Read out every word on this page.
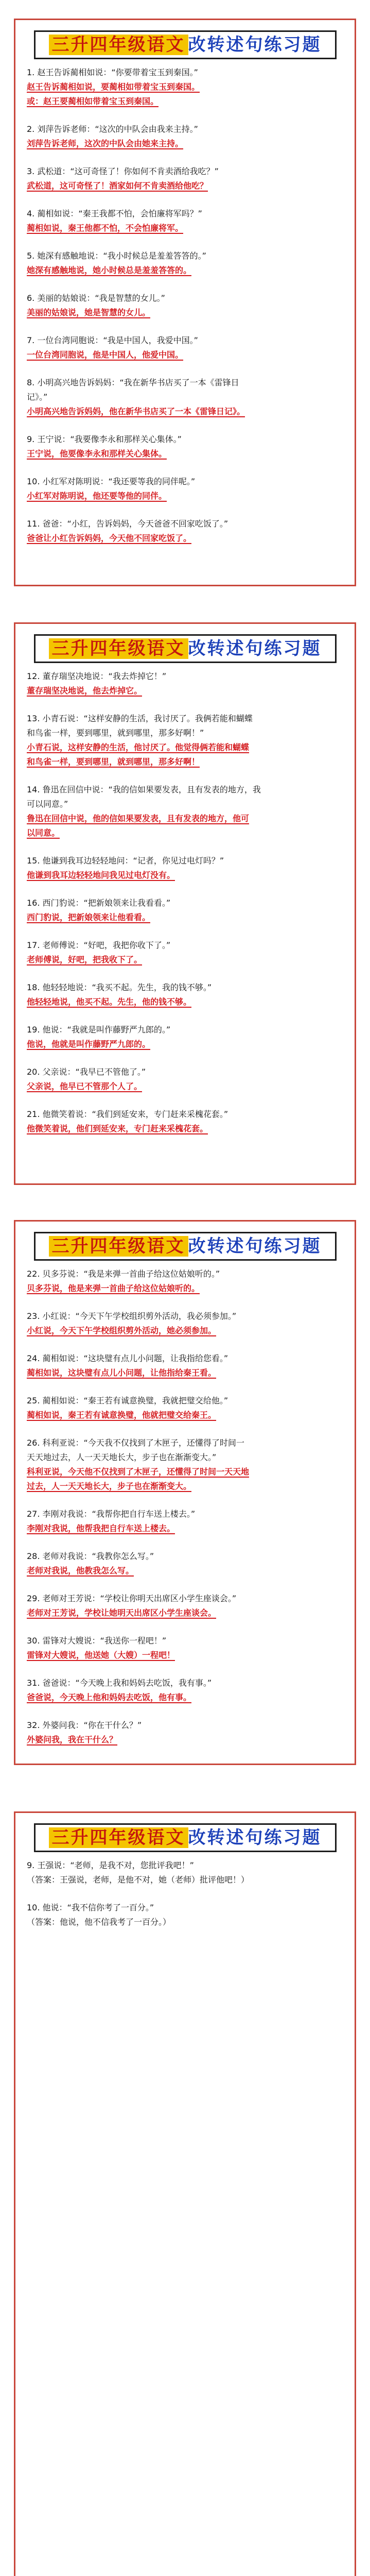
三升四年级语文 改转述句练习题
1. 赵王告诉蔺相如说：“你要带着宝玉到秦国。”
赵王告诉蔺相如说，要蔺相如带着宝玉到秦国。
或：赵王要蔺相如带着宝玉到秦国。
2. 刘萍告诉老师：“这次的中队会由我来主持。”
刘萍告诉老师，这次的中队会由她来主持。
3. 武松道：“这可奇怪了！你如何不肯卖酒给我吃？”
武松道，这可奇怪了！酒家如何不肯卖酒给他吃？
4. 蔺相如说：“秦王我都不怕，会怕廉将军吗？”
蔺相如说，秦王他都不怕，不会怕廉将军。
5. 她深有感触地说：“我小时候总是羞羞答答的。”
她深有感触地说，她小时候总是羞羞答答的。
6. 美丽的姑娘说：“我是智慧的女儿。”
美丽的姑娘说，她是智慧的女儿。
7. 一位台湾同胞说：“我是中国人，我爱中国。”
一位台湾同胞说，他是中国人，他爱中国。
8. 小明高兴地告诉妈妈：“我在新华书店买了一本《雷锋日
记》。”
小明高兴地告诉妈妈，他在新华书店买了一本《雷锋日记》。
9. 王宁说：“我要像李永和那样关心集体。”
王宁说，他要像李永和那样关心集体。
10. 小红军对陈明说：“我还要等我的同伴呢。”
小红军对陈明说，他还要等他的同伴。
11. 爸爸：“小红，告诉妈妈，今天爸爸不回家吃饭了。”
爸爸让小红告诉妈妈，今天他不回家吃饭了。
三升四年级语文 改转述句练习题
12. 董存瑞坚决地说：“我去炸掉它！”
董存瑞坚决地说，他去炸掉它。
13. 小青石说：“这样安静的生活，我讨厌了。我俩若能和蝴蝶
和鸟雀一样，要到哪里，就到哪里，那多好啊！”
小青石说，这样安静的生活，他讨厌了。他觉得俩若能和蝴蝶
和鸟雀一样，要到哪里，就到哪里，那多好啊！
14. 鲁迅在回信中说：“我的信如果要发表，且有发表的地方，我
可以同意。”
鲁迅在回信中说，他的信如果要发表，且有发表的地方，他可
以同意。
15. 他谦到我耳边轻轻地问：“记者，你见过电灯吗？”
他谦到我耳边轻轻地问我见过电灯没有。
16. 西门豹说：“把新娘领来让我看看。”
西门豹说，把新娘领来让他看看。
17. 老师傅说：“好吧，我把你收下了。”
老师傅说，好吧，把我收下了。
18. 他轻轻地说：“我买不起。先生，我的钱不够。”
他轻轻地说，他买不起。先生，他的钱不够。
19. 他说：“我就是叫作藤野严九郎的。”
他说，他就是叫作藤野严九郎的。
20. 父亲说：“我早已不管他了。”
父亲说，他早已不管那个人了。
21. 他微笑着说：“我们到延安来，专门赶来采槐花套。”
他微笑着说，他们到延安来，专门赶来采槐花套。
三升四年级语文 改转述句练习题
22. 贝多芬说：“我是来弹一首曲子给这位姑娘听的。”
贝多芬说，他是来弹一首曲子给这位姑娘听的。
23. 小红说：“今天下午学校组织剪外活动，我必须参加。”
小红说，今天下午学校组织剪外活动，她必须参加。
24. 蔺相如说：“这块璧有点儿小问题，让我指给您看。”
蔺相如说，这块璧有点儿小问题，让他指给秦王看。
25. 蔺相如说：“秦王若有诚意换璧，我就把璧交给他。”
蔺相如说，秦王若有诚意换璧，他就把璧交给秦王。
26. 科利亚说：“今天我不仅找到了木匣子，还懂得了时间一
天天地过去，人一天天地长大，步子也在渐渐变大。”
科利亚说，今天他不仅找到了木匣子，还懂得了时间一天天地
过去，人一天天地长大，步子也在渐渐变大。
27. 李刚对我说：“我帮你把自行车送上楼去。”
李刚对我说，他帮我把自行车送上楼去。
28. 老师对我说：“我教你怎么写。”
老师对我说，他教我怎么写。
29. 老师对王芳说：“学校让你明天出席区小学生座谈会。”
老师对王芳说，学校让她明天出席区小学生座谈会。
30. 雷锋对大嫂说：“我送你一程吧！”
雷锋对大嫂说，他送她（大嫂）一程吧！
31. 爸爸说：“今天晚上我和妈妈去吃饭，我有事。”
爸爸说，今天晚上他和妈妈去吃饭，他有事。
32. 外婆问我：“你在干什么？”
外婆问我，我在干什么？
三升四年级语文 改转述句练习题
9. 王强说：“老师，是我不对，您批评我吧！”
（答案：王强说，老师，是他不对，她（老师）批评他吧！）
10. 他说：“我不信你考了一百分。”
（答案：他说，他不信我考了一百分。）
